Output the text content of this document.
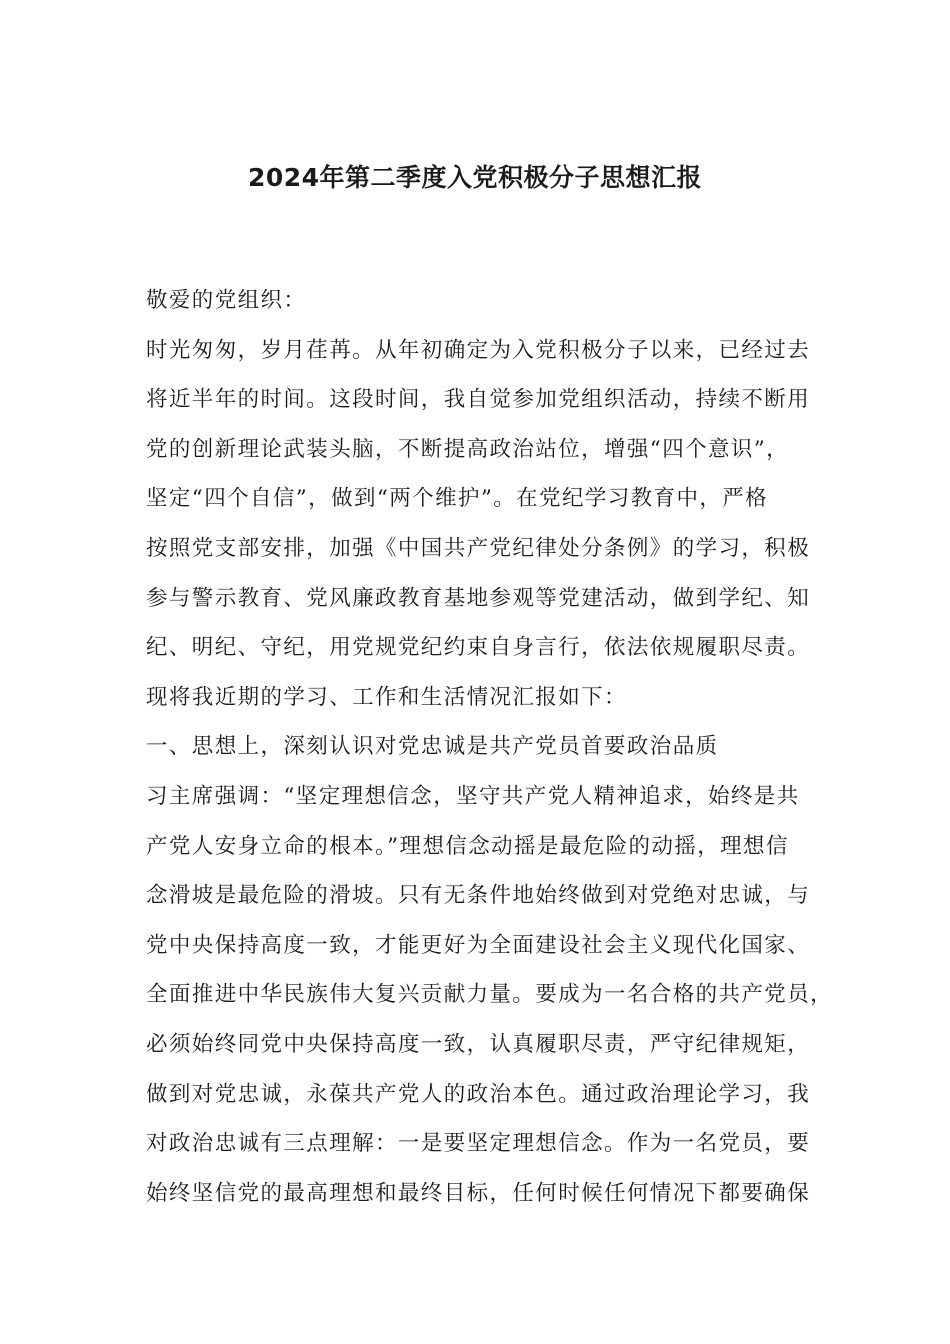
2024年第二季度入党积极分子思想汇报

敬爱的党组织：

时光匆匆，岁月荏苒。从年初确定为入党积极分子以来，已经过去

将近半年的时间。这段时间，我自觉参加党组织活动，持续不断用

党的创新理论武装头脑，不断提高政治站位，增强“四个意识”，

坚定“四个自信”，做到“两个维护”。在党纪学习教育中，严格

按照党支部安排，加强《中国共产党纪律处分条例》的学习，积极

参与警示教育、党风廉政教育基地参观等党建活动，做到学纪、知

纪、明纪、守纪，用党规党纪约束自身言行，依法依规履职尽责。

现将我近期的学习、工作和生活情况汇报如下：

一、思想上，深刻认识对党忠诚是共产党员首要政治品质

习主席强调：“坚定理想信念，坚守共产党人精神追求，始终是共

产党人安身立命的根本。”理想信念动摇是最危险的动摇，理想信

念滑坡是最危险的滑坡。只有无条件地始终做到对党绝对忠诚，与

党中央保持高度一致，才能更好为全面建设社会主义现代化国家、

全面推进中华民族伟大复兴贡献力量。要成为一名合格的共产党员，

必须始终同党中央保持高度一致，认真履职尽责，严守纪律规矩，

做到对党忠诚，永葆共产党人的政治本色。通过政治理论学习，我

对政治忠诚有三点理解：一是要坚定理想信念。作为一名党员，要

始终坚信党的最高理想和最终目标，任何时候任何情况下都要确保
